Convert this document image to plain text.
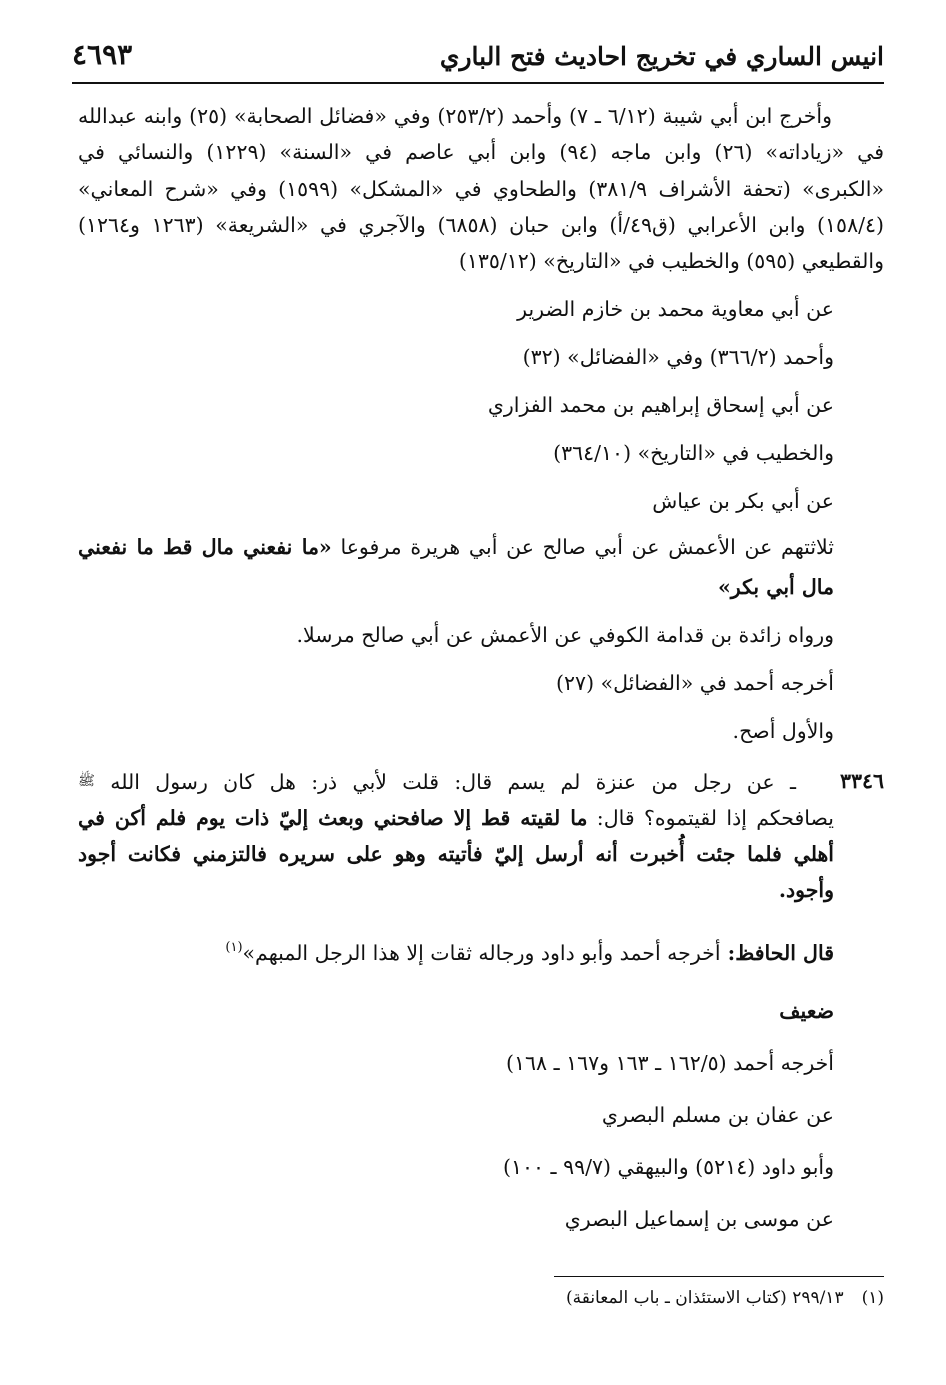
انيس الساري في تخريج احاديث فتح الباري
٤٦٩٣

وأخرج ابن أبي شيبة (٦/١٢ ـ ٧) وأحمد (٢٥٣/٢) وفي «فضائل الصحابة» (٢٥) وابنه عبدالله في «زياداته» (٢٦) وابن ماجه (٩٤) وابن أبي عاصم في «السنة» (١٢٢٩) والنسائي في «الكبرى» (تحفة الأشراف ٣٨١/٩) والطحاوي في «المشكل» (١٥٩٩) وفي «شرح المعاني» (١٥٨/٤) وابن الأعرابي (ق٤٩/أ) وابن حبان (٦٨٥٨) والآجري في «الشريعة» (١٢٦٣ و١٢٦٤) والقطيعي (٥٩٥) والخطيب في «التاريخ» (١٣٥/١٢)

عن أبي معاوية محمد بن خازم الضرير

وأحمد (٣٦٦/٢) وفي «الفضائل» (٣٢)

عن أبي إسحاق إبراهيم بن محمد الفزاري

والخطيب في «التاريخ» (٣٦٤/١٠)

عن أبي بكر بن عياش

ثلاثتهم عن الأعمش عن أبي صالح عن أبي هريرة مرفوعا «ما نفعني مال قط ما نفعني مال أبي بكر»

ورواه زائدة بن قدامة الكوفي عن الأعمش عن أبي صالح مرسلا.

أخرجه أحمد في «الفضائل» (٢٧)

والأول أصح.

٣٣٤٦

ـ عن رجل من عنزة لم يسم قال: قلت لأبي ذر: هل كان رسول الله ﷺ

يصافحكم إذا لقيتموه؟ قال: ما لقيته قط إلا صافحني وبعث إليّ ذات يوم فلم أكن في أهلي فلما جئت أُخبرت أنه أرسل إليّ فأتيته وهو على سريره فالتزمني فكانت أجود وأجود.

قال الحافظ: أخرجه أحمد وأبو داود ورجاله ثقات إلا هذا الرجل المبهم»$^{(١)}$

ضعيف

أخرجه أحمد (١٦٢/٥ ـ ١٦٣ و١٦٧ ـ ١٦٨)

عن عفان بن مسلم البصري

وأبو داود (٥٢١٤) والبيهقي (٩٩/٧ ـ ١٠٠)

عن موسى بن إسماعيل البصري

(١)٢٩٩/١٣ (كتاب الاستئذان ـ باب المعانقة)
